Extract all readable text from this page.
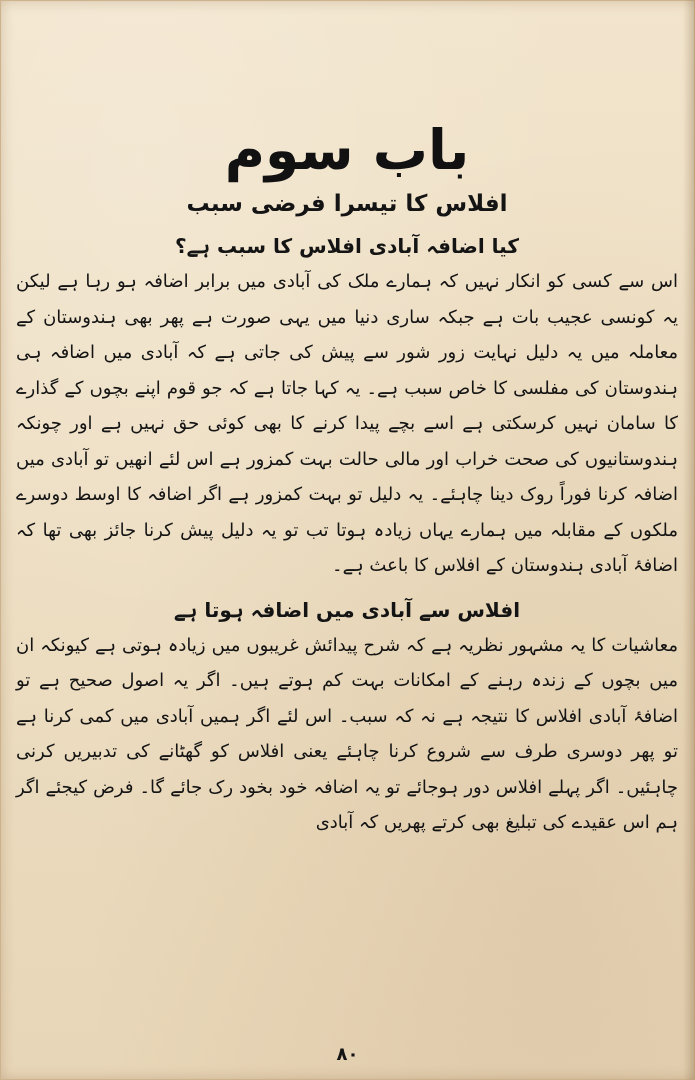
باب سوم
افلاس کا تیسرا فرضی سبب
کیا اضافہ آبادی افلاس کا سبب ہے؟

اس سے کسی کو انکار نہیں کہ ہمارے ملک کی آبادی میں برابر اضافہ ہو رہا ہے لیکن یہ کونسی عجیب بات ہے جبکہ ساری دنیا میں یہی صورت ہے پھر بھی ہندوستان کے معاملہ میں یہ دلیل نہایت زور شور سے پیش کی جاتی ہے کہ آبادی میں اضافہ ہی ہندوستان کی مفلسی کا خاص سبب ہے۔ یہ کہا جاتا ہے کہ جو قوم اپنے بچوں کے گذارے کا سامان نہیں کرسکتی ہے اسے بچے پیدا کرنے کا بھی کوئی حق نہیں ہے اور چونکہ ہندوستانیوں کی صحت خراب اور مالی حالت بہت کمزور ہے اس لئے انھیں تو آبادی میں اضافہ کرنا فوراً روک دینا چاہئے۔ یہ دلیل تو بہت کمزور ہے اگر اضافہ کا اوسط دوسرے ملکوں کے مقابلہ میں ہمارے یہاں زیادہ ہوتا تب تو یہ دلیل پیش کرنا جائز بھی تھا کہ اضافۂ آبادی ہندوستان کے افلاس کا باعث ہے۔

افلاس سے آبادی میں اضافہ ہوتا ہے

معاشیات کا یہ مشہور نظریہ ہے کہ شرح پیدائش غریبوں میں زیادہ ہوتی ہے کیونکہ ان میں بچوں کے زندہ رہنے کے امکانات بہت کم ہوتے ہیں۔ اگر یہ اصول صحیح ہے تو اضافۂ آبادی افلاس کا نتیجہ ہے نہ کہ سبب۔ اس لئے اگر ہمیں آبادی میں کمی کرنا ہے تو پھر دوسری طرف سے شروع کرنا چاہئے یعنی افلاس کو گھٹانے کی تدبیریں کرنی چاہئیں۔ اگر پہلے افلاس دور ہوجائے تو یہ اضافہ خود بخود رک جائے گا۔ فرض کیجئے اگر ہم اس عقیدے کی تبلیغ بھی کرتے پھریں کہ آبادی

۸۰
